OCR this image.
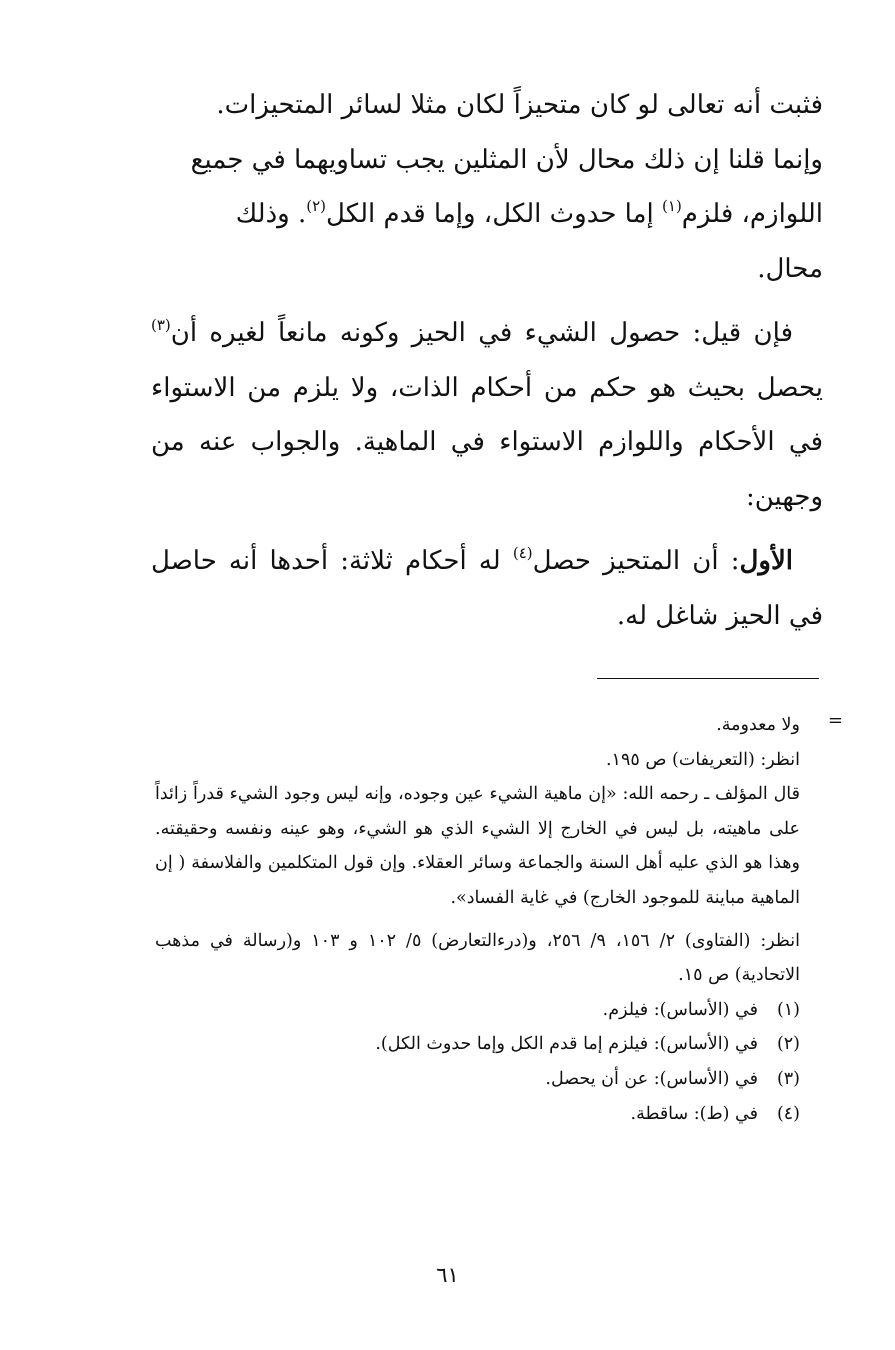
فثبت أنه تعالى لو كان متحيزاً لكان مثلا لسائر المتحيزات.
وإنما قلنا إن ذلك محال لأن المثلين يجب تساويهما في جميع
اللوازم، فلزم$^{(١)}$ إما حدوث الكل، وإما قدم الكل$^{(٢)}$. وذلك
محال.

فإن قيل: حصول الشيء في الحيز وكونه مانعاً لغيره أن$^{(٣)}$ يحصل بحيث هو حكم من أحكام الذات، ولا يلزم من الاستواء في الأحكام واللوازم الاستواء في الماهية. والجواب عنه من وجهين:

الأول: أن المتحيز حصل$^{(٤)}$ له أحكام ثلاثة: أحدها أنه حاصل في الحيز شاغل له.

=

ولا معدومة.

انظر: (التعريفات) ص ١٩٥.

قال المؤلف ـ رحمه الله: «إن ماهية الشيء عين وجوده، وإنه ليس وجود الشيء قدراً زائداً على ماهيته، بل ليس في الخارج إلا الشيء الذي هو الشيء، وهو عينه ونفسه وحقيقته. وهذا هو الذي عليه أهل السنة والجماعة وسائر العقلاء. وإن قول المتكلمين والفلاسفة ( إن الماهية مباينة للموجود الخارج) في غاية الفساد».

انظر: (الفتاوى) ٢/ ١٥٦، ٩/ ٢٥٦، و(درءالتعارض) ٥/ ١٠٢ و ١٠٣ و(رسالة في مذهب الاتحادية) ص ١٥.

(١)
في (الأساس): فيلزم.
(٢)
في (الأساس): فيلزم إما قدم الكل وإما حدوث الكل).
(٣)
في (الأساس): عن أن يحصل.
(٤)
في (ط): ساقطة.
٦١
